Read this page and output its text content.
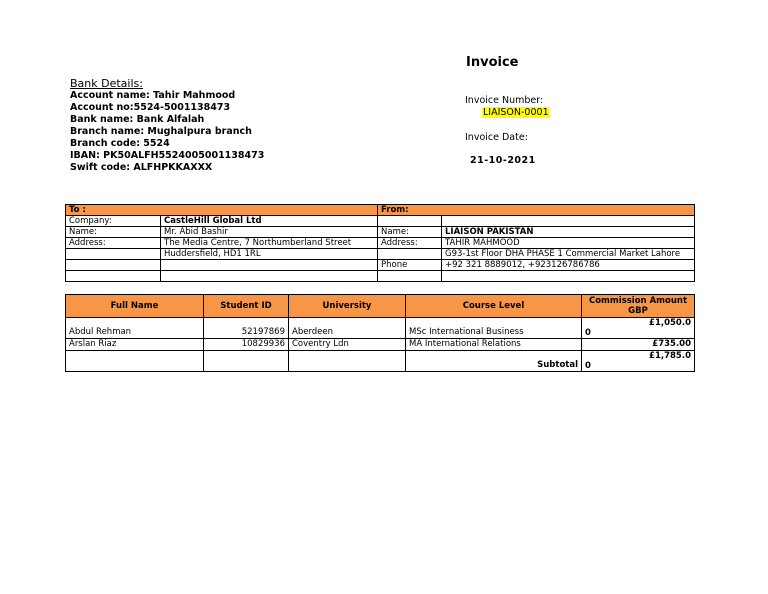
Invoice
Bank Details:
Account name: Tahir Mahmood
Account no:5524-5001138473
Bank name: Bank Alfalah
Branch name: Mughalpura branch
Branch code: 5524
IBAN: PK50ALFH5524005001138473
Swift code: ALFHPKKAXXX
Invoice Number:
LIAISON-0001
Invoice Date:
21-10-2021
To :		From:	
Company:	CastleHill Global Ltd		
Name:	Mr. Abid Bashir	Name:	LIAISON PAKISTAN
Address:	The Media Centre, 7 Northumberland Street	Address:	TAHIR MAHMOOD
	Huddersfield, HD1 1RL		G93-1st Floor DHA PHASE 1 Commercial Market Lahore
		Phone	+92 321 8889012, +923126786786

Full Name	Student ID	University	Course Level	Commission Amount GBP
Abdul Rehman	52197869	Aberdeen	MSc International Business	£1,050.0
0

Arslan Riaz	10829936	Coventry Ldn	MA International Relations	£735.00
			Subtotal	£1,785.0
0
